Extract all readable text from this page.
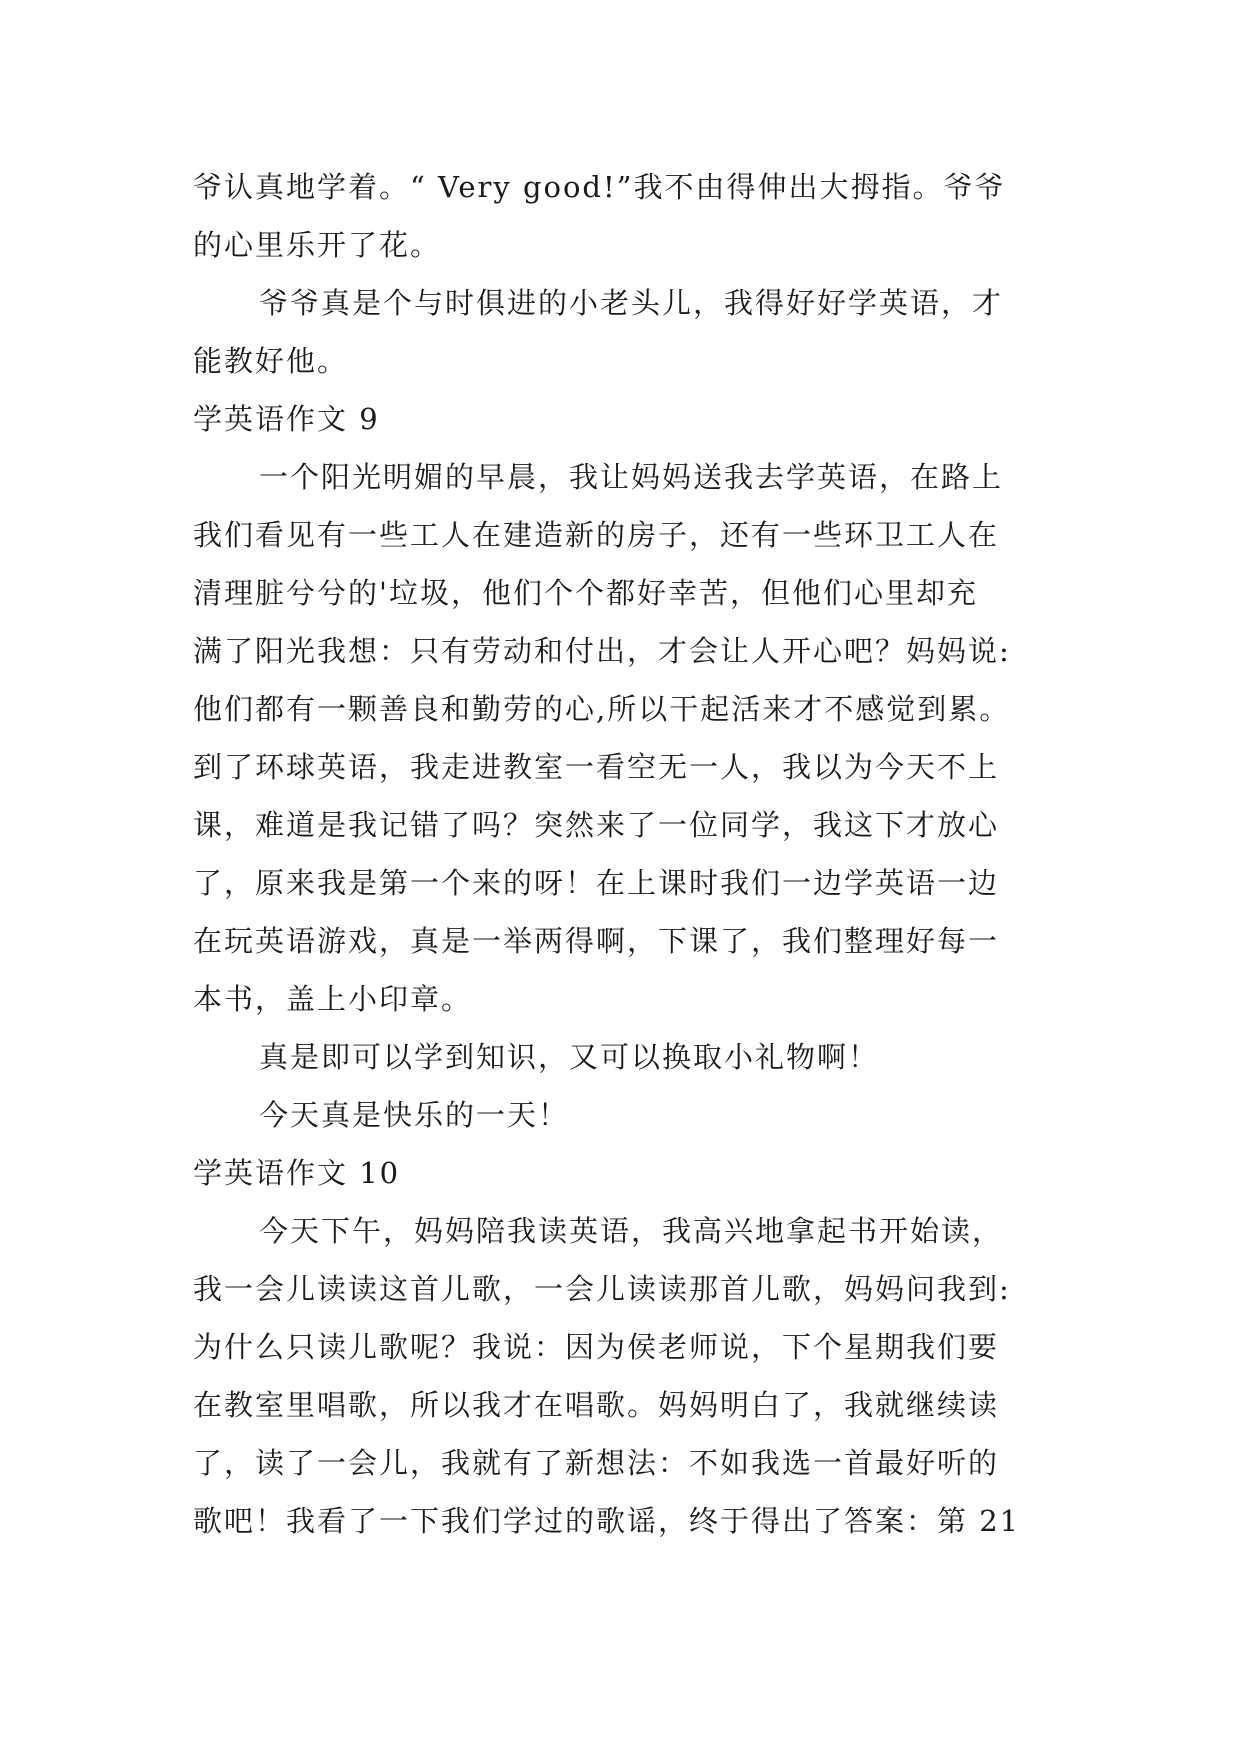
爷认真地学着。“ Very good!”我不由得伸出大拇指。爷爷
的心里乐开了花。
爷爷真是个与时俱进的小老头儿，我得好好学英语，才
能教好他。
学英语作文 9
一个阳光明媚的早晨，我让妈妈送我去学英语，在路上
我们看见有一些工人在建造新的房子，还有一些环卫工人在
清理脏兮兮的'垃圾，他们个个都好幸苦，但他们心里却充
满了阳光我想：只有劳动和付出，才会让人开心吧？妈妈说:
他们都有一颗善良和勤劳的心,所以干起活来才不感觉到累。
到了环球英语，我走进教室一看空无一人，我以为今天不上
课，难道是我记错了吗？突然来了一位同学，我这下才放心
了，原来我是第一个来的呀！在上课时我们一边学英语一边
在玩英语游戏，真是一举两得啊，下课了，我们整理好每一
本书，盖上小印章。
真是即可以学到知识，又可以换取小礼物啊！
今天真是快乐的一天！
学英语作文 10
今天下午，妈妈陪我读英语，我高兴地拿起书开始读，
我一会儿读读这首儿歌，一会儿读读那首儿歌，妈妈问我到:
为什么只读儿歌呢？我说：因为侯老师说，下个星期我们要
在教室里唱歌，所以我才在唱歌。妈妈明白了，我就继续读
了，读了一会儿，我就有了新想法：不如我选一首最好听的
歌吧！我看了一下我们学过的歌谣，终于得出了答案：第 21
